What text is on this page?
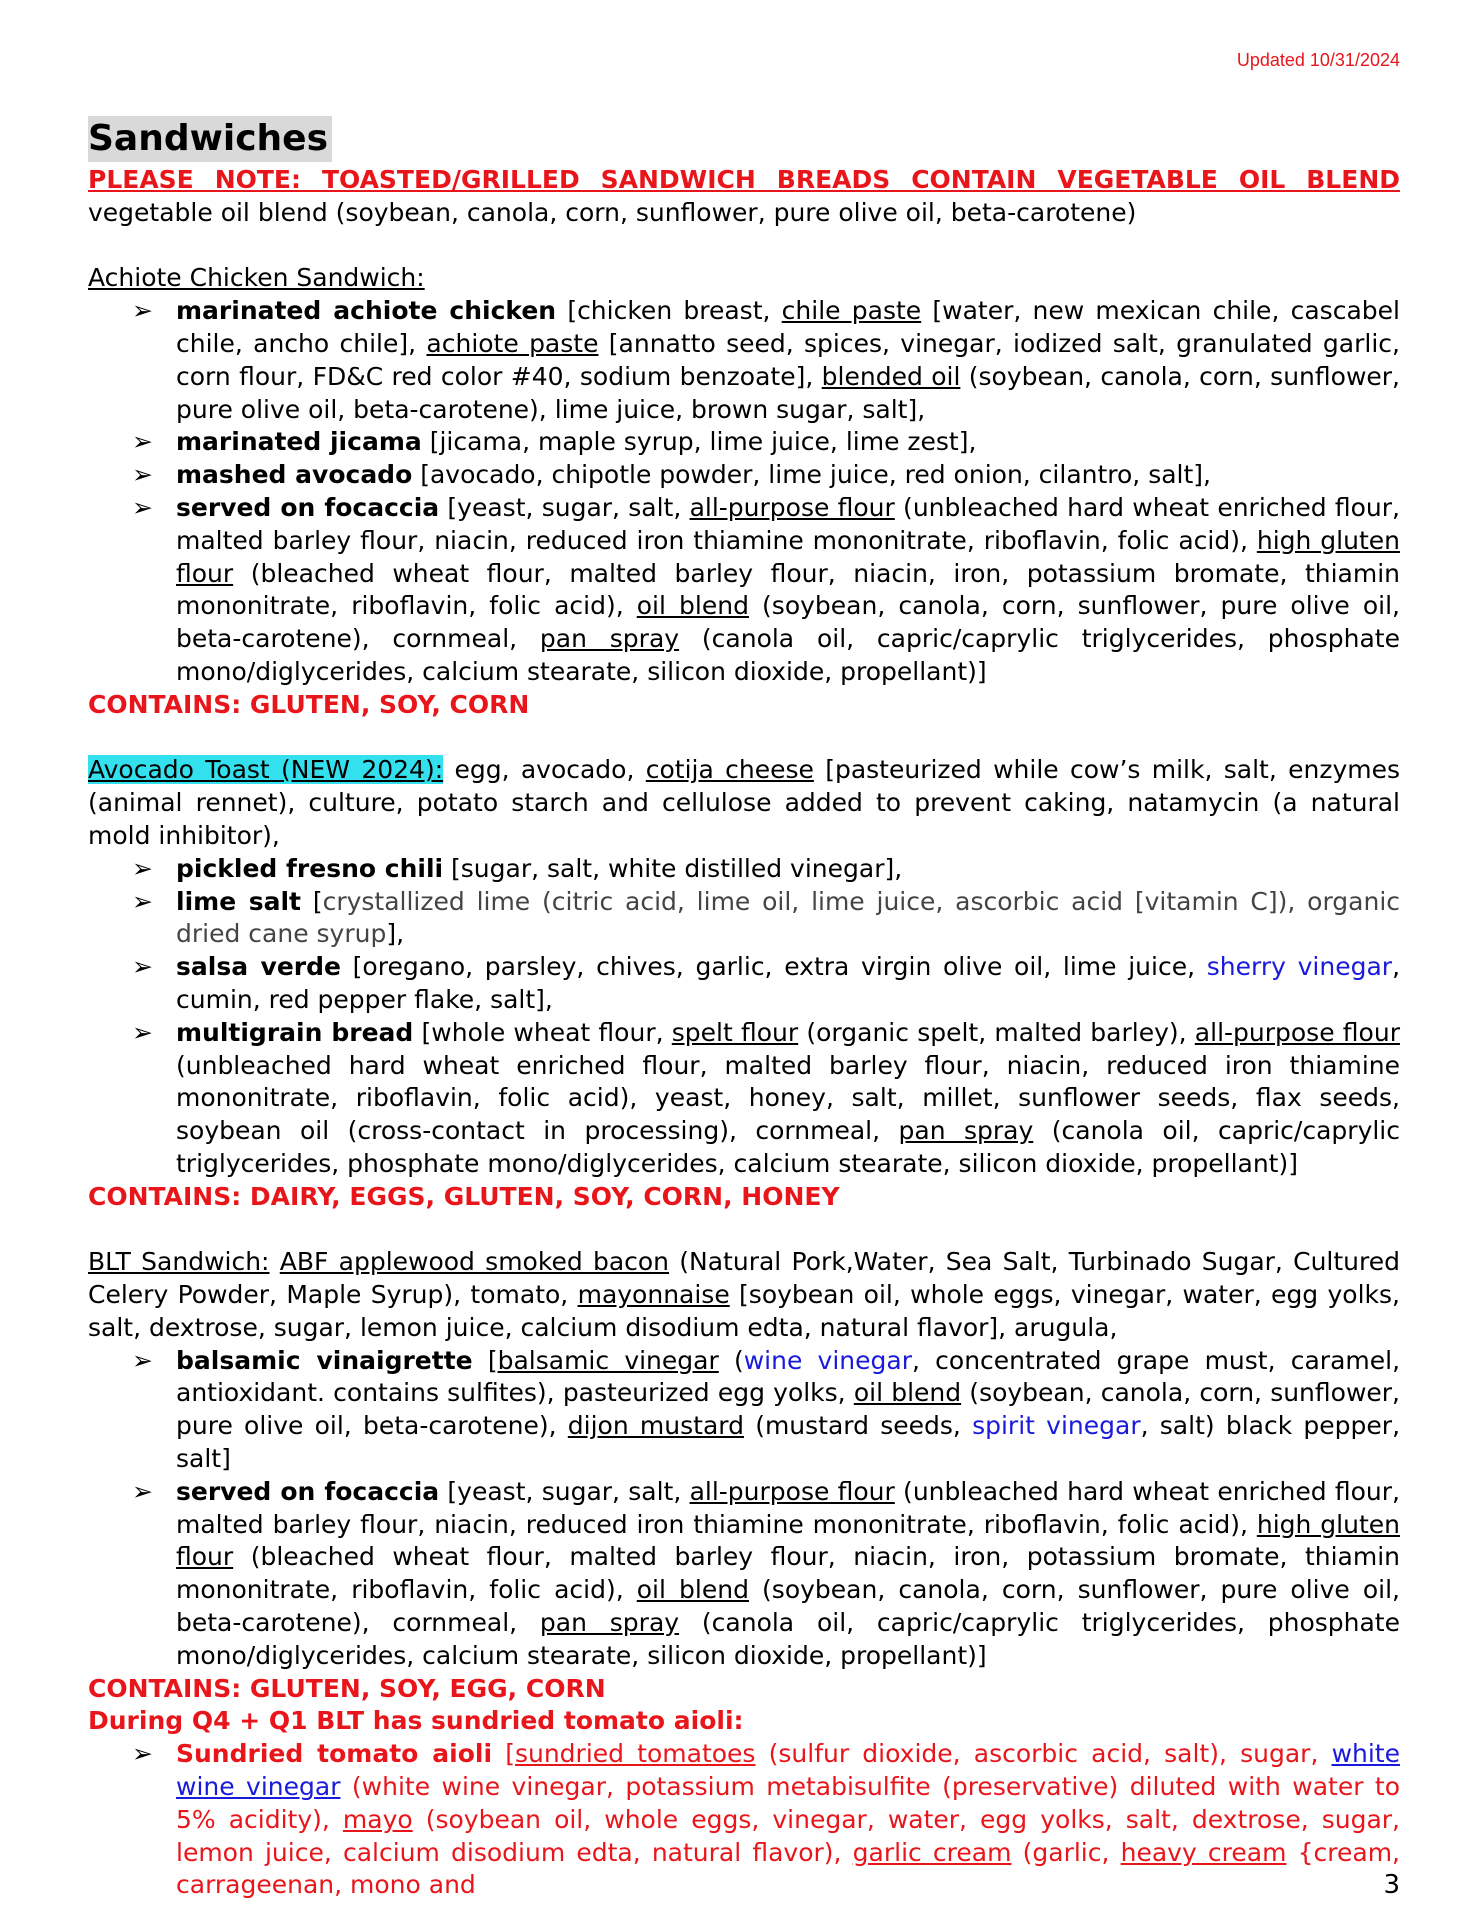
Updated 10/31/2024
Sandwiches

PLEASE NOTE: TOASTED/GRILLED SANDWICH BREADS CONTAIN VEGETABLE OIL BLEND vegetable oil blend (soybean, canola, corn, sunflower, pure olive oil, beta-carotene)

Achiote Chicken Sandwich:

➢ marinated achiote chicken [chicken breast, chile paste [water, new mexican chile, cascabel chile, ancho chile], achiote paste [annatto seed, spices, vinegar, iodized salt, granulated garlic, corn flour, FD&C red color #40, sodium benzoate], blended oil (soybean, canola, corn, sunflower, pure olive oil, beta-carotene), lime juice, brown sugar, salt],
➢ marinated jicama [jicama, maple syrup, lime juice, lime zest],
➢ mashed avocado [avocado, chipotle powder, lime juice, red onion, cilantro, salt],
➢ served on focaccia [yeast, sugar, salt, all-purpose flour (unbleached hard wheat enriched flour, malted barley flour, niacin, reduced iron thiamine mononitrate, riboflavin, folic acid), high gluten flour (bleached wheat flour, malted barley flour, niacin, iron, potassium bromate, thiamin mononitrate, riboflavin, folic acid), oil blend (soybean, canola, corn, sunflower, pure olive oil, beta-carotene), cornmeal, pan spray (canola oil, capric/caprylic triglycerides, phosphate mono/diglycerides, calcium stearate, silicon dioxide, propellant)]

CONTAINS: GLUTEN, SOY, CORN

Avocado Toast (NEW 2024): egg, avocado, cotija cheese [pasteurized while cow’s milk, salt, enzymes (animal rennet), culture, potato starch and cellulose added to prevent caking, natamycin (a natural mold inhibitor),

➢ pickled fresno chili [sugar, salt, white distilled vinegar],
➢ lime salt [crystallized lime (citric acid, lime oil, lime juice, ascorbic acid [vitamin C]), organic dried cane syrup],
➢ salsa verde [oregano, parsley, chives, garlic, extra virgin olive oil, lime juice, sherry vinegar, cumin, red pepper flake, salt],
➢ multigrain bread [whole wheat flour, spelt flour (organic spelt, malted barley), all-purpose flour (unbleached hard wheat enriched flour, malted barley flour, niacin, reduced iron thiamine mononitrate, riboflavin, folic acid), yeast, honey, salt, millet, sunflower seeds, flax seeds, soybean oil (cross-contact in processing), cornmeal, pan spray (canola oil, capric/caprylic triglycerides, phosphate mono/diglycerides, calcium stearate, silicon dioxide, propellant)]

CONTAINS: DAIRY, EGGS, GLUTEN, SOY, CORN, HONEY

BLT Sandwich: ABF applewood smoked bacon (Natural Pork,Water, Sea Salt, Turbinado Sugar, Cultured Celery Powder, Maple Syrup), tomato, mayonnaise [soybean oil, whole eggs, vinegar, water, egg yolks, salt, dextrose, sugar, lemon juice, calcium disodium edta, natural flavor], arugula,

➢ balsamic vinaigrette [balsamic vinegar (wine vinegar, concentrated grape must, caramel, antioxidant. contains sulfites), pasteurized egg yolks, oil blend (soybean, canola, corn, sunflower, pure olive oil, beta-carotene), dijon mustard (mustard seeds, spirit vinegar, salt) black pepper, salt]
➢ served on focaccia [yeast, sugar, salt, all-purpose flour (unbleached hard wheat enriched flour, malted barley flour, niacin, reduced iron thiamine mononitrate, riboflavin, folic acid), high gluten flour (bleached wheat flour, malted barley flour, niacin, iron, potassium bromate, thiamin mononitrate, riboflavin, folic acid), oil blend (soybean, canola, corn, sunflower, pure olive oil, beta-carotene), cornmeal, pan spray (canola oil, capric/caprylic triglycerides, phosphate mono/diglycerides, calcium stearate, silicon dioxide, propellant)]

CONTAINS: GLUTEN, SOY, EGG, CORN

During Q4 + Q1 BLT has sundried tomato aioli:

➢ Sundried tomato aioli [sundried tomatoes (sulfur dioxide, ascorbic acid, salt), sugar, white wine vinegar (white wine vinegar, potassium metabisulfite (preservative) diluted with water to 5% acidity), mayo (soybean oil, whole eggs, vinegar, water, egg yolks, salt, dextrose, sugar, lemon juice, calcium disodium edta, natural flavor), garlic cream (garlic, heavy cream {cream, carrageenan, mono and	3
